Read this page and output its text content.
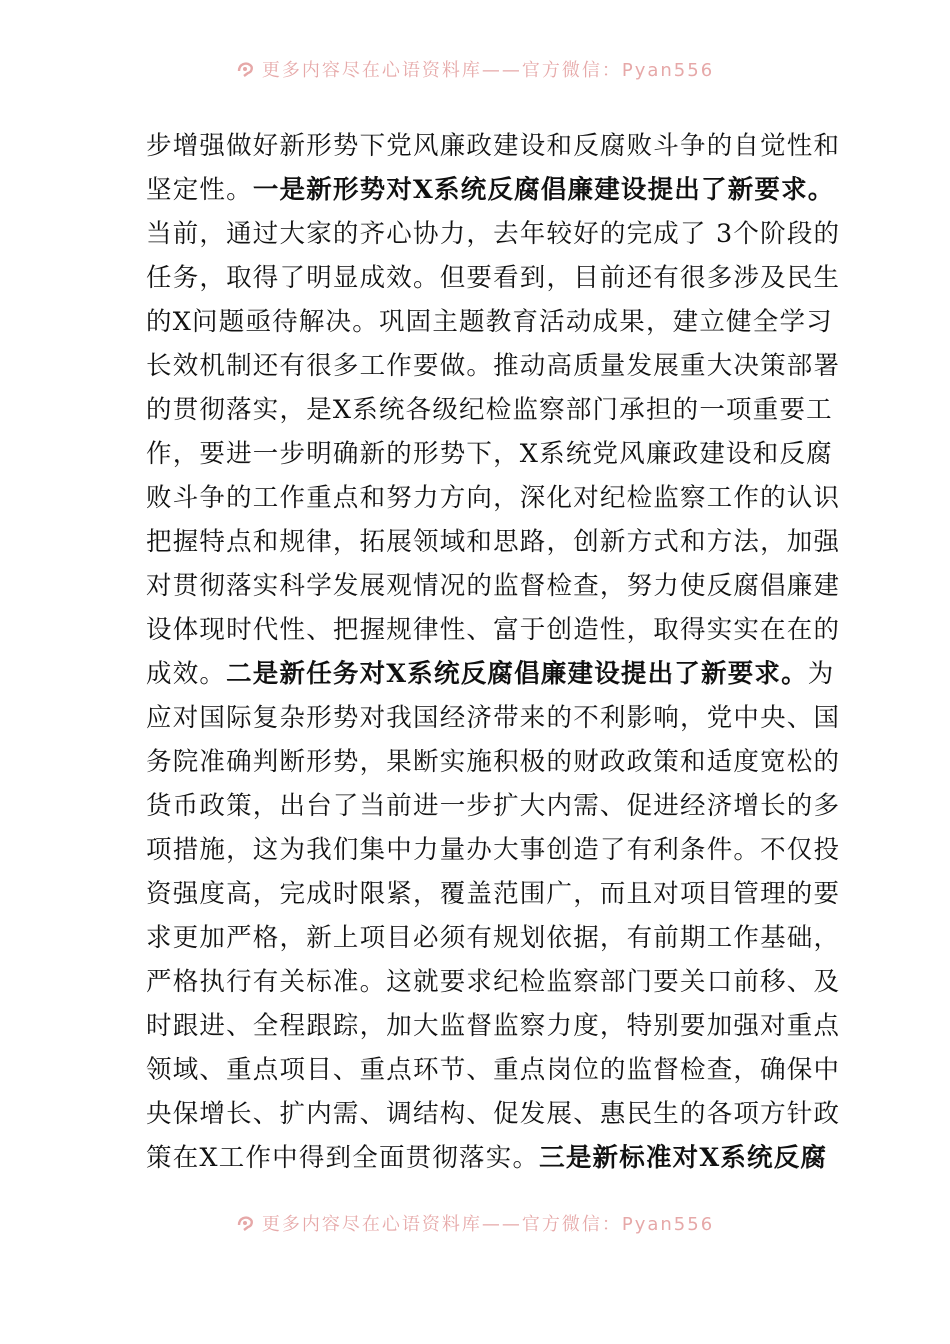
更多内容尽在心语资料库——官方微信：Pyan556
步增强做好新形势下党风廉政建设和反腐败斗争的自觉性和
坚定性。一是新形势对X系统反腐倡廉建设提出了新要求。
当前，通过大家的齐心协力，去年较好的完成了 3个阶段的
任务，取得了明显成效。但要看到，目前还有很多涉及民生
的X问题亟待解决。巩固主题教育活动成果，建立健全学习
长效机制还有很多工作要做。推动高质量发展重大决策部署
的贯彻落实，是X系统各级纪检监察部门承担的一项重要工
作，要进一步明确新的形势下，X系统党风廉政建设和反腐
败斗争的工作重点和努力方向，深化对纪检监察工作的认识
把握特点和规律，拓展领域和思路，创新方式和方法，加强
对贯彻落实科学发展观情况的监督检查，努力使反腐倡廉建
设体现时代性、把握规律性、富于创造性，取得实实在在的
成效。二是新任务对X系统反腐倡廉建设提出了新要求。为
应对国际复杂形势对我国经济带来的不利影响，党中央、国
务院准确判断形势，果断实施积极的财政政策和适度宽松的
货币政策，出台了当前进一步扩大内需、促进经济增长的多
项措施，这为我们集中力量办大事创造了有利条件。不仅投
资强度高，完成时限紧，覆盖范围广，而且对项目管理的要
求更加严格，新上项目必须有规划依据，有前期工作基础，
严格执行有关标准。这就要求纪检监察部门要关口前移、及
时跟进、全程跟踪，加大监督监察力度，特别要加强对重点
领域、重点项目、重点环节、重点岗位的监督检查，确保中
央保增长、扩内需、调结构、促发展、惠民生的各项方针政
策在X工作中得到全面贯彻落实。三是新标准对X系统反腐
更多内容尽在心语资料库——官方微信：Pyan556
